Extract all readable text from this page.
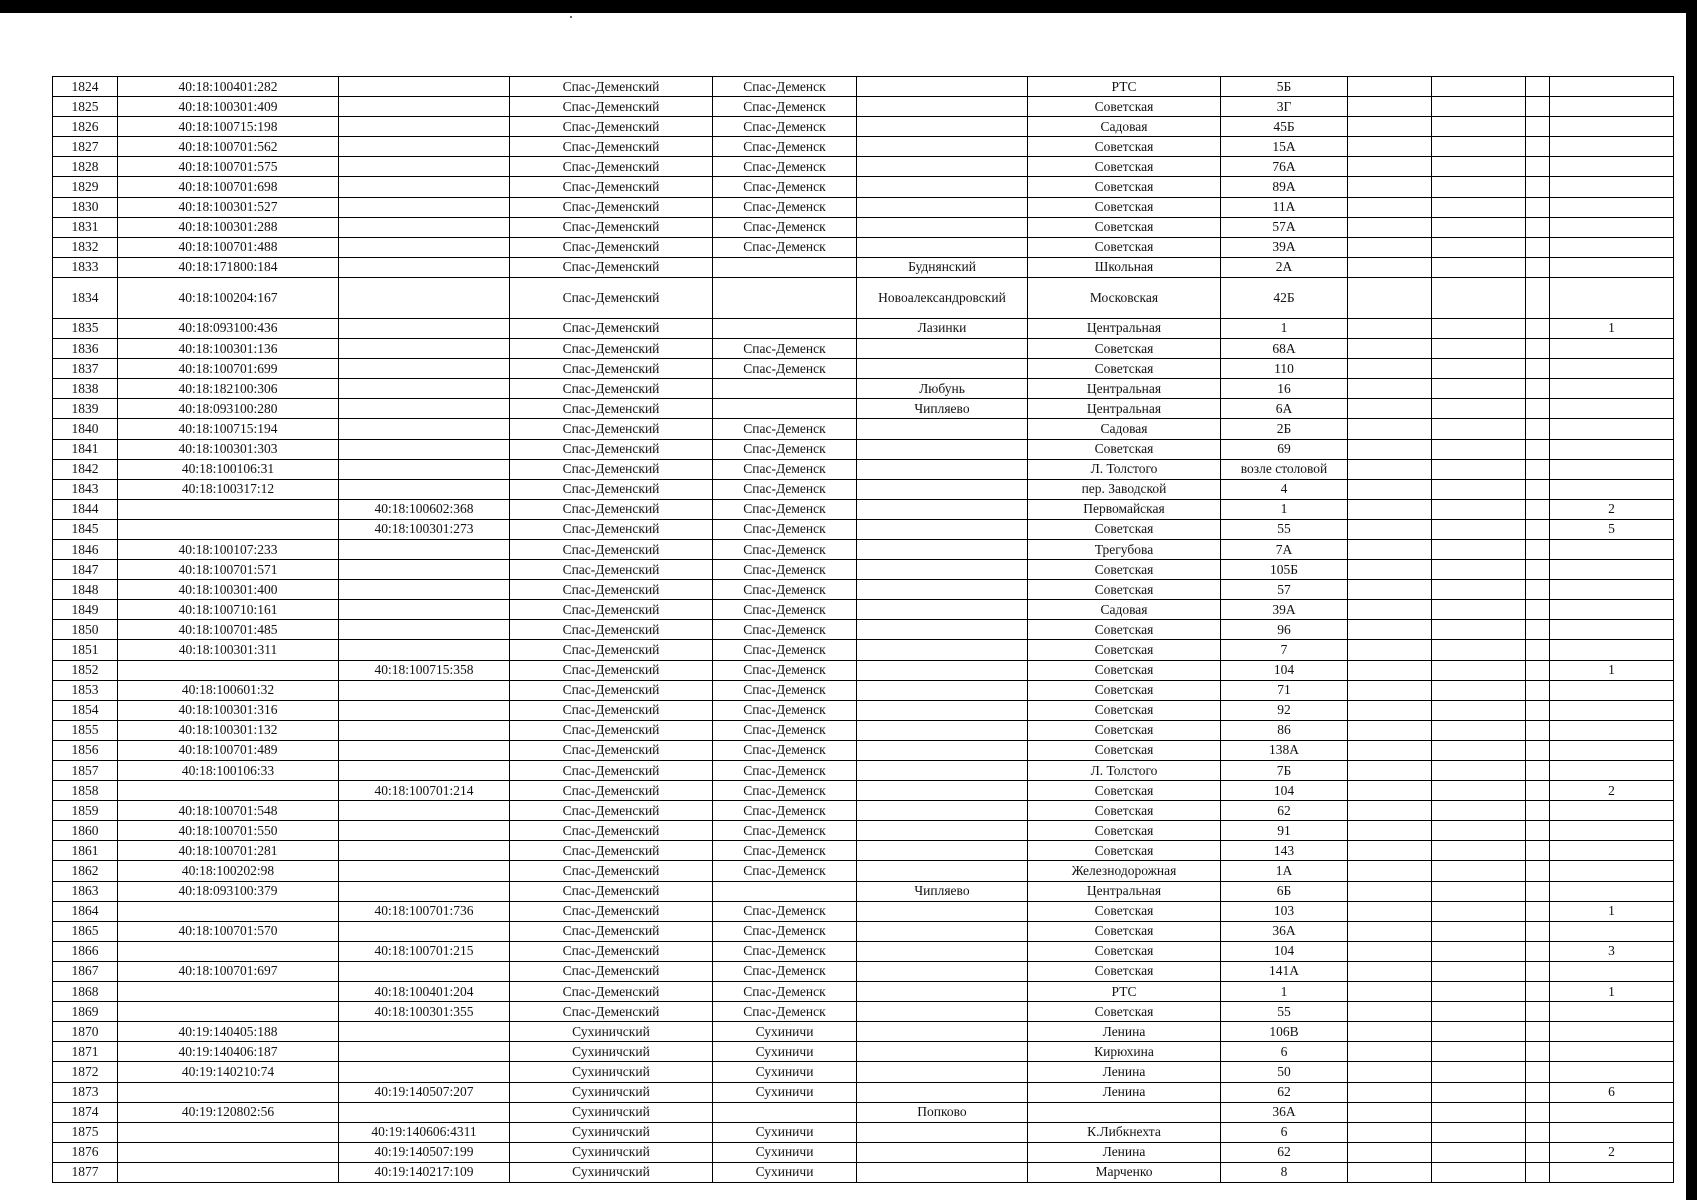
1824	40:18:100401:282		Спас-Деменский	Спас-Деменск		РТС	5Б				
1825	40:18:100301:409		Спас-Деменский	Спас-Деменск		Советская	3Г				
1826	40:18:100715:198		Спас-Деменский	Спас-Деменск		Садовая	45Б				
1827	40:18:100701:562		Спас-Деменский	Спас-Деменск		Советская	15А				
1828	40:18:100701:575		Спас-Деменский	Спас-Деменск		Советская	76А				
1829	40:18:100701:698		Спас-Деменский	Спас-Деменск		Советская	89А				
1830	40:18:100301:527		Спас-Деменский	Спас-Деменск		Советская	11А				
1831	40:18:100301:288		Спас-Деменский	Спас-Деменск		Советская	57А				
1832	40:18:100701:488		Спас-Деменский	Спас-Деменск		Советская	39А				
1833	40:18:171800:184		Спас-Деменский		Буднянский	Школьная	2А				
1834	40:18:100204:167		Спас-Деменский		Новоалександровский	Московская	42Б				
1835	40:18:093100:436		Спас-Деменский		Лазинки	Центральная	1				1
1836	40:18:100301:136		Спас-Деменский	Спас-Деменск		Советская	68А				
1837	40:18:100701:699		Спас-Деменский	Спас-Деменск		Советская	110				
1838	40:18:182100:306		Спас-Деменский		Любунь	Центральная	16				
1839	40:18:093100:280		Спас-Деменский		Чипляево	Центральная	6А				
1840	40:18:100715:194		Спас-Деменский	Спас-Деменск		Садовая	2Б				
1841	40:18:100301:303		Спас-Деменский	Спас-Деменск		Советская	69				
1842	40:18:100106:31		Спас-Деменский	Спас-Деменск		Л. Толстого	возле столовой				
1843	40:18:100317:12		Спас-Деменский	Спас-Деменск		пер. Заводской	4				
1844		40:18:100602:368	Спас-Деменский	Спас-Деменск		Первомайская	1				2
1845		40:18:100301:273	Спас-Деменский	Спас-Деменск		Советская	55				5
1846	40:18:100107:233		Спас-Деменский	Спас-Деменск		Трегубова	7А				
1847	40:18:100701:571		Спас-Деменский	Спас-Деменск		Советская	105Б				
1848	40:18:100301:400		Спас-Деменский	Спас-Деменск		Советская	57				
1849	40:18:100710:161		Спас-Деменский	Спас-Деменск		Садовая	39А				
1850	40:18:100701:485		Спас-Деменский	Спас-Деменск		Советская	96				
1851	40:18:100301:311		Спас-Деменский	Спас-Деменск		Советская	7				
1852		40:18:100715:358	Спас-Деменский	Спас-Деменск		Советская	104				1
1853	40:18:100601:32		Спас-Деменский	Спас-Деменск		Советская	71				
1854	40:18:100301:316		Спас-Деменский	Спас-Деменск		Советская	92				
1855	40:18:100301:132		Спас-Деменский	Спас-Деменск		Советская	86				
1856	40:18:100701:489		Спас-Деменский	Спас-Деменск		Советская	138А				
1857	40:18:100106:33		Спас-Деменский	Спас-Деменск		Л. Толстого	7Б				
1858		40:18:100701:214	Спас-Деменский	Спас-Деменск		Советская	104				2
1859	40:18:100701:548		Спас-Деменский	Спас-Деменск		Советская	62				
1860	40:18:100701:550		Спас-Деменский	Спас-Деменск		Советская	91				
1861	40:18:100701:281		Спас-Деменский	Спас-Деменск		Советская	143				
1862	40:18:100202:98		Спас-Деменский	Спас-Деменск		Железнодорожная	1А				
1863	40:18:093100:379		Спас-Деменский		Чипляево	Центральная	6Б				
1864		40:18:100701:736	Спас-Деменский	Спас-Деменск		Советская	103				1
1865	40:18:100701:570		Спас-Деменский	Спас-Деменск		Советская	36А				
1866		40:18:100701:215	Спас-Деменский	Спас-Деменск		Советская	104				3
1867	40:18:100701:697		Спас-Деменский	Спас-Деменск		Советская	141А				
1868		40:18:100401:204	Спас-Деменский	Спас-Деменск		РТС	1				1
1869		40:18:100301:355	Спас-Деменский	Спас-Деменск		Советская	55				
1870	40:19:140405:188		Сухиничский	Сухиничи		Ленина	106В				
1871	40:19:140406:187		Сухиничский	Сухиничи		Кирюхина	6				
1872	40:19:140210:74		Сухиничский	Сухиничи		Ленина	50				
1873		40:19:140507:207	Сухиничский	Сухиничи		Ленина	62				6
1874	40:19:120802:56		Сухиничский		Попково		36А				
1875		40:19:140606:4311	Сухиничский	Сухиничи		К.Либкнехта	6				
1876		40:19:140507:199	Сухиничский	Сухиничи		Ленина	62				2
1877		40:19:140217:109	Сухиничский	Сухиничи		Марченко	8				
